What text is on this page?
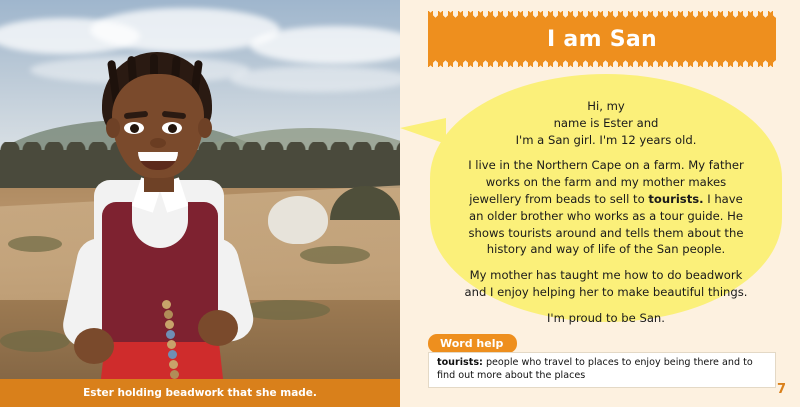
Ester holding beadwork that she made.
I am San

Hi, my
name is Ester and
I'm a San girl. I'm 12 years old.

I live in the Northern Cape on a farm. My father works on the farm and my mother makes jewellery from beads to sell to tourists. I have an older brother who works as a tour guide. He shows tourists around and tells them about the history and way of life of the San people.

My mother has taught me how to do beadwork and I enjoy helping her to make beautiful things.

I'm proud to be San.

Word help
tourists: people who travel to places to enjoy being there and to find out more about the places
7
